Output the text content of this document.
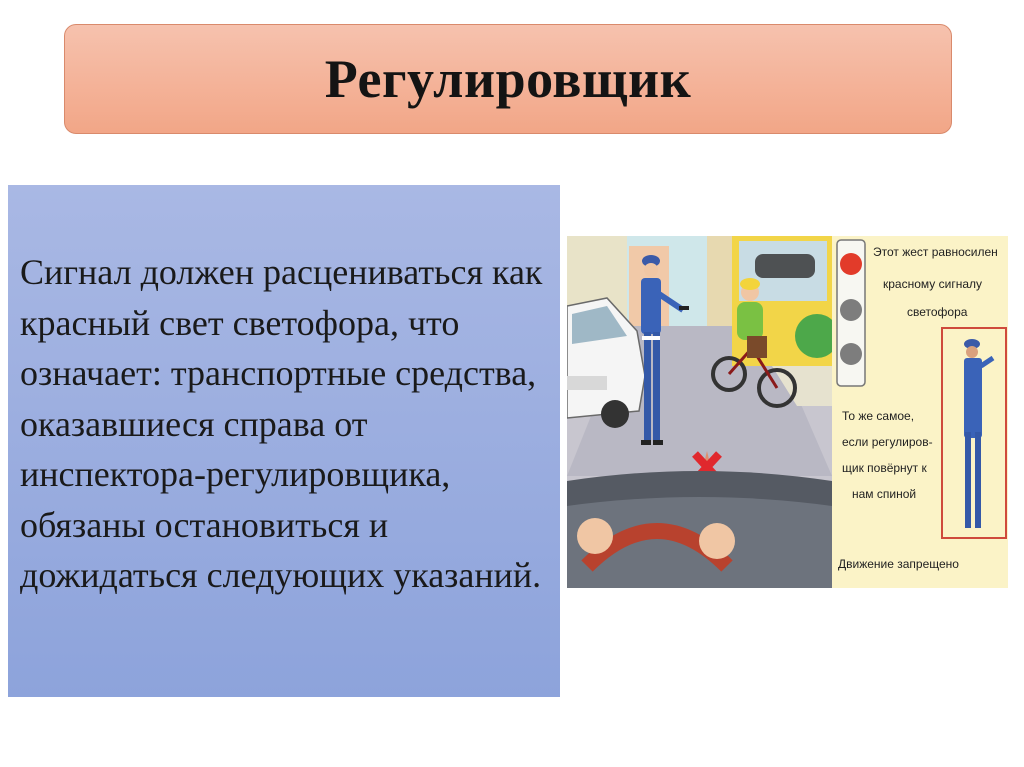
Регулировщик

Сигнал должен расцениваться как красный свет светофора, что означает: транспортные средства, оказавшиеся справа от инспектора-регулировщика, обязаны остановиться и дожидаться следующих указаний.

Этот жест равносилен
красному сигналу
светофора
То же самое,
если регулиров-
щик повёрнут к
нам спиной
Движение запрещено
